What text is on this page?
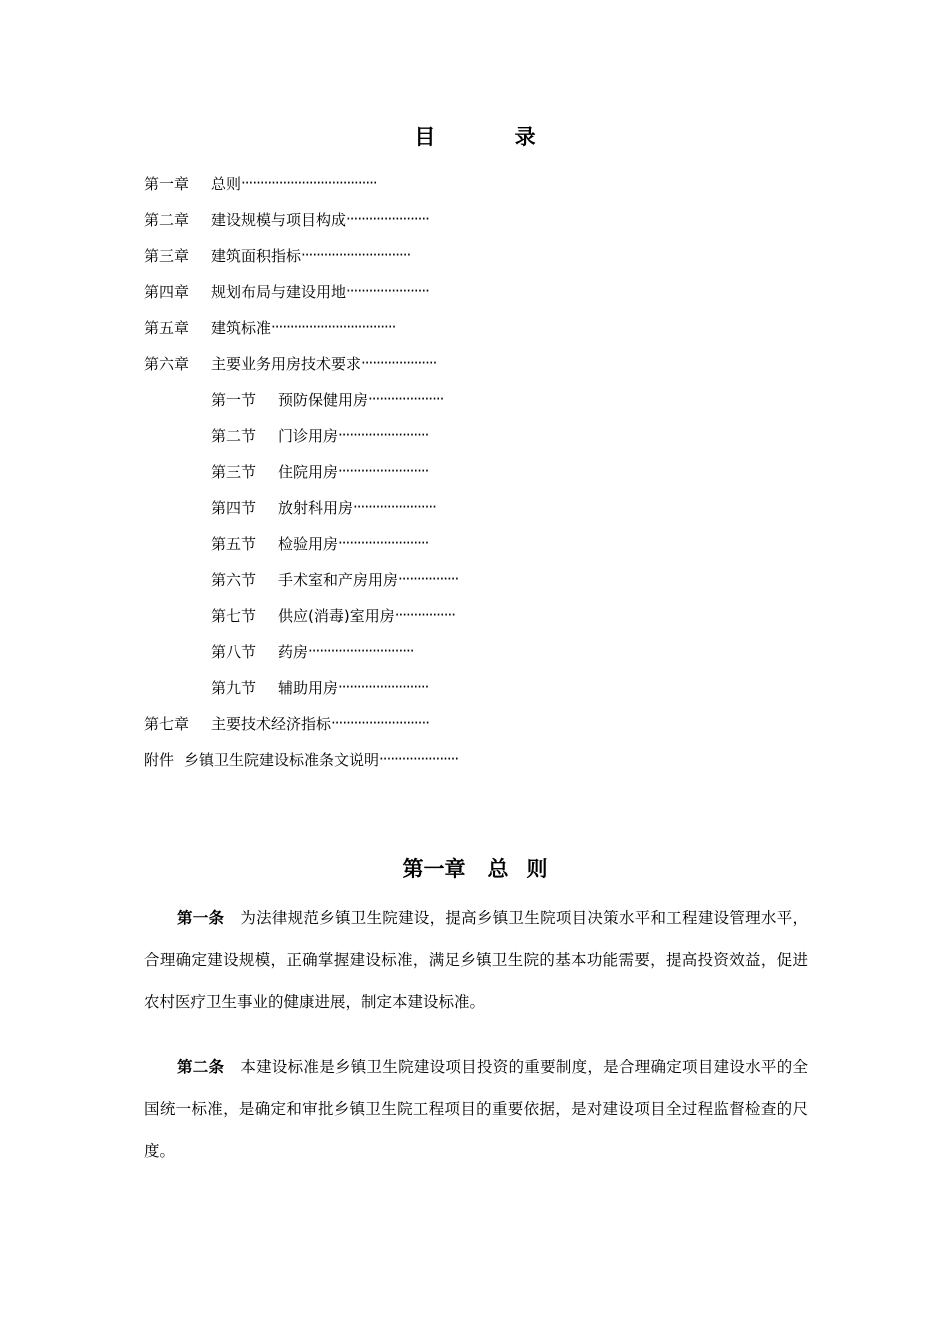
目 录
第一章	总则 ····································
第二章	建设规模与项目构成 ······················
第三章	建筑面积指标 ·····························
第四章	规划布局与建设用地 ······················
第五章	建筑标准 ·································
第六章	主要业务用房技术要求 ····················
第一节	预防保健用房 ····················
第二节	门诊用房 ························
第三节	住院用房 ························
第四节	放射科用房 ······················
第五节	检验用房 ························
第六节	手术室和产房用房 ················
第七节	供应(消毒)室用房 ················
第八节	药房 ····························
第九节	辅助用房 ························
第七章	主要技术经济指标 ··························
附件 乡镇卫生院建设标准条文说明 ·····················
第一章 总 则
第一条 为法律规范乡镇卫生院建设，提高乡镇卫生院项目决策水平和工程建设管理水平，合理确定建设规模，正确掌握建设标准，满足乡镇卫生院的基本功能需要，提高投资效益，促进农村医疗卫生事业的健康进展，制定本建设标准。
第二条 本建设标准是乡镇卫生院建设项目投资的重要制度，是合理确定项目建设水平的全国统一标准，是确定和审批乡镇卫生院工程项目的重要依据，是对建设项目全过程监督检查的尺度。
